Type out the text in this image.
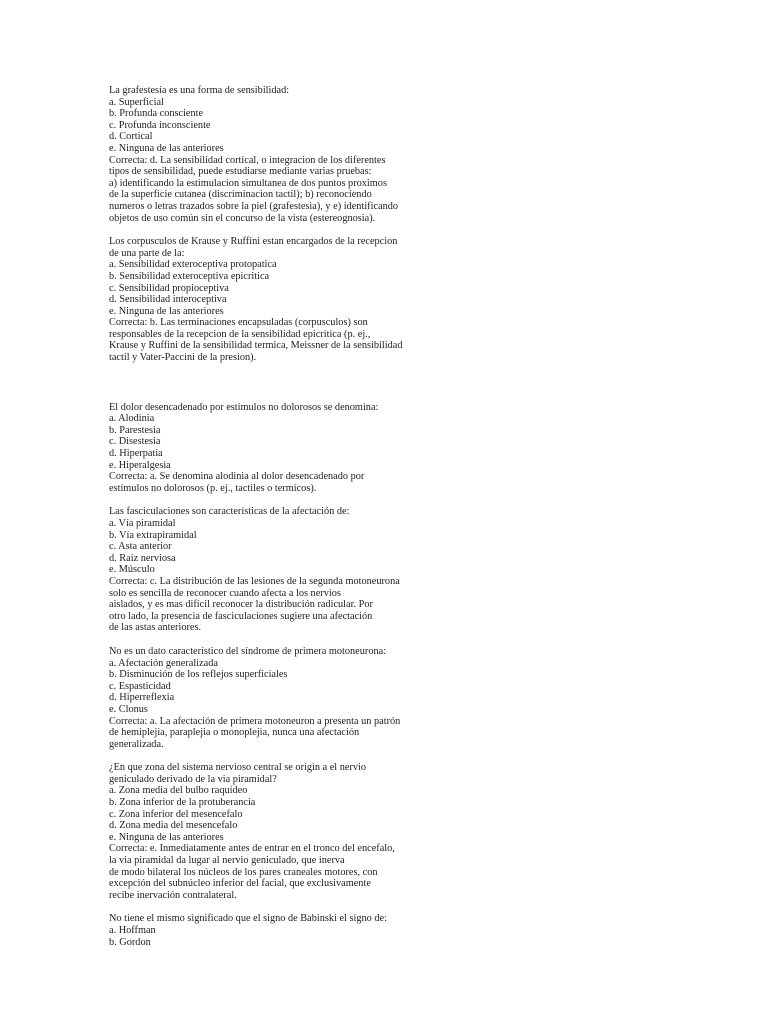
La grafestesia es una forma de sensibilidad:
a. Superficial
b. Profunda consciente
c. Profunda inconsciente
d. Cortical
e. Ninguna de las anteriores
Correcta: d. La sensibilidad cortical, o integracion de los diferentes
tipos de sensibilidad, puede estudiarse mediante varias pruebas:
a) identificando la estimulacion simultanea de dos puntos proximos
de la superficie cutanea (discriminacion tactil); b) reconociendo
numeros o letras trazados sobre la piel (grafestesia), y e) identificando
objetos de uso común sin el concurso de la vista (estereognosia).
Los corpusculos de Krause y Ruffini estan encargados de la recepcion
de una parte de la:
a. Sensibilidad exteroceptiva protopatica
b. Sensibilidad exteroceptiva epicritica
c. Sensibilidad propioceptiva
d. Sensibilidad interoceptiva
e. Ninguna de las anteriores
Correcta: b. Las terminaciones encapsuladas (corpusculos) son
responsables de la recepcion de la sensibilidad epicritica (p. ej.,
Krause y Ruffini de la sensibilidad termica, Meissner de la sensibilidad
tactil y Vater-Paccini de la presion).
El dolor desencadenado por estímulos no dolorosos se denomina:
a. Alodinia
b. Parestesia
c. Disestesia
d. Hiperpatia
e. Hiperalgesia
Correcta: a. Se denomina alodinia al dolor desencadenado por
estímulos no dolorosos (p. ej., tactiles o termicos).
Las fasciculaciones son características de la afectación de:
a. Vía piramidal
b. Vía extrapiramidal
c. Asta anterior
d. Raíz nerviosa
e. Músculo
Correcta: c. La distribución de las lesiones de la segunda motoneurona
solo es sencilla de reconocer cuando afecta a los nervios
aislados, y es mas difícil reconocer la distribución radicular. Por
otro lado, la presencia de fasciculaciones sugiere una afectación
de las astas anteriores.
No es un dato característico del síndrome de primera motoneurona:
a. Afectación generalizada
b. Disminución de los reflejos superficiales
c. Espasticidad
d. Hiperreflexia
e. Clonus
Correcta: a. La afectación de primera motoneuron a presenta un patrón
de hemiplejia, paraplejia o monoplejia, nunca una afectación
generalizada.
¿En que zona del sistema nervioso central se origin a el nervio
geniculado derivado de la via piramidal?
a. Zona media del bulbo raquídeo
b. Zona inferior de la protuberancia
c. Zona inferior del mesencefalo
d. Zona media del mesencefalo
e. Ninguna de las anteriores
Correcta: e. Inmediatamente antes de entrar en el tronco del encefalo,
la via piramidal da lugar al nervio geniculado, que inerva
de modo bilateral los núcleos de los pares craneales motores, con
excepción del subnúcleo inferior del facial, que exclusivamente
recibe inervación contralateral.
No tiene el mismo significado que el signo de Babinski el signo de:
a. Hoffman
b. Gordon
